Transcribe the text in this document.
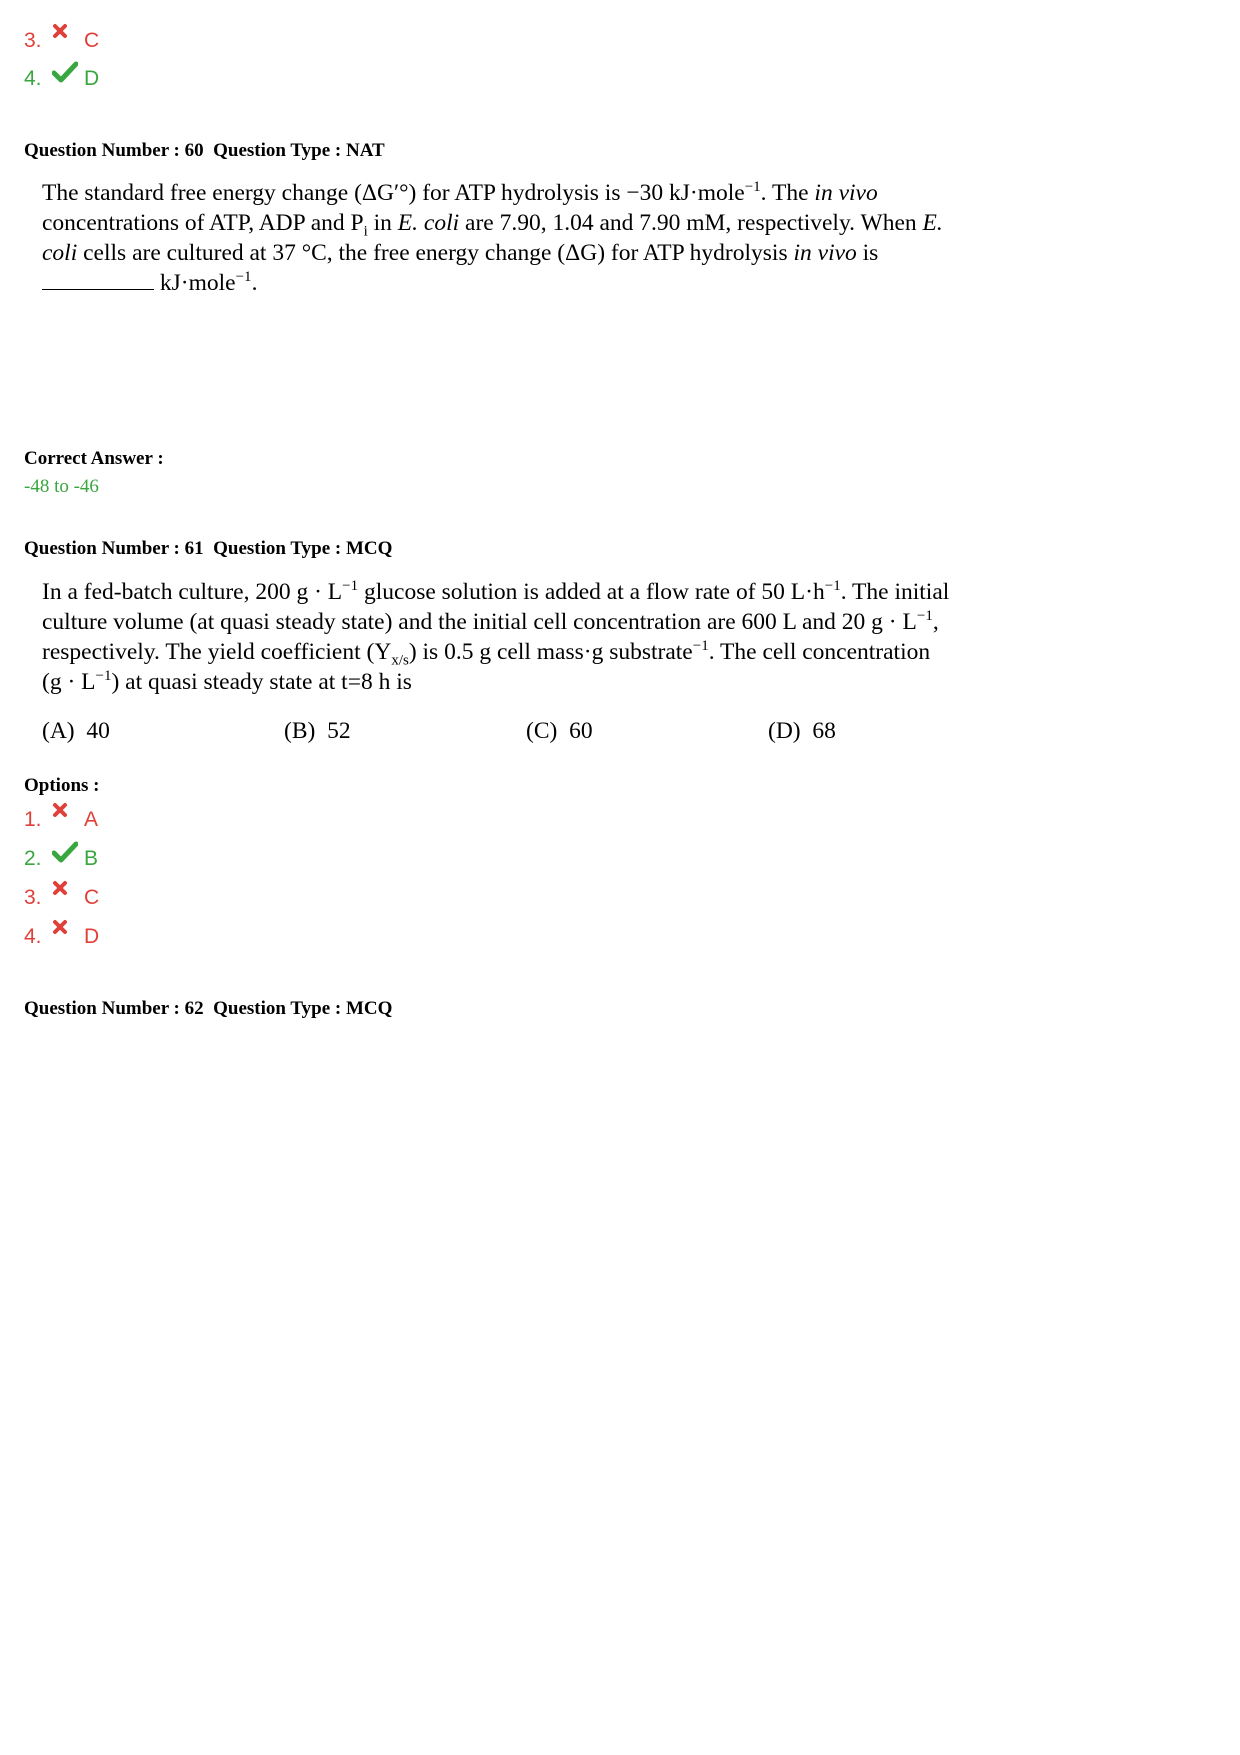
3.	C
4.	D
Question Number : 60  Question Type : NAT

The standard free energy change (ΔG′°) for ATP hydrolysis is −30 kJ·mole$^{-1}$. The in vivo

concentrations of ATP, ADP and $P_i$ in E. coli are 7.90, 1.04 and 7.90 mM, respectively. When E.

coli cells are cultured at 37 °C, the free energy change (ΔG) for ATP hydrolysis in vivo is

kJ·mole$^{-1}$.

Correct Answer :
-48 to -46
Question Number : 61  Question Type : MCQ

In a fed-batch culture, 200 $g \cdot L^{-1}$ glucose solution is added at a flow rate of 50 $L\cdot h^{-1}$. The initial

culture volume (at quasi steady state) and the initial cell concentration are 600 L and 20 $g \cdot L^{-1}$,

respectively. The yield coefficient $(Y_{x/s})$ is 0.5 g cell mass·g substrate$^{-1}$. The cell concentration

$(g \cdot L^{-1})$ at quasi steady state at t=8 h is

(A)  40	(B)  52	(C)  60	(D)  68
Options :
1.	A
2.	B
3.	C
4.	D
Question Number : 62  Question Type : MCQ
